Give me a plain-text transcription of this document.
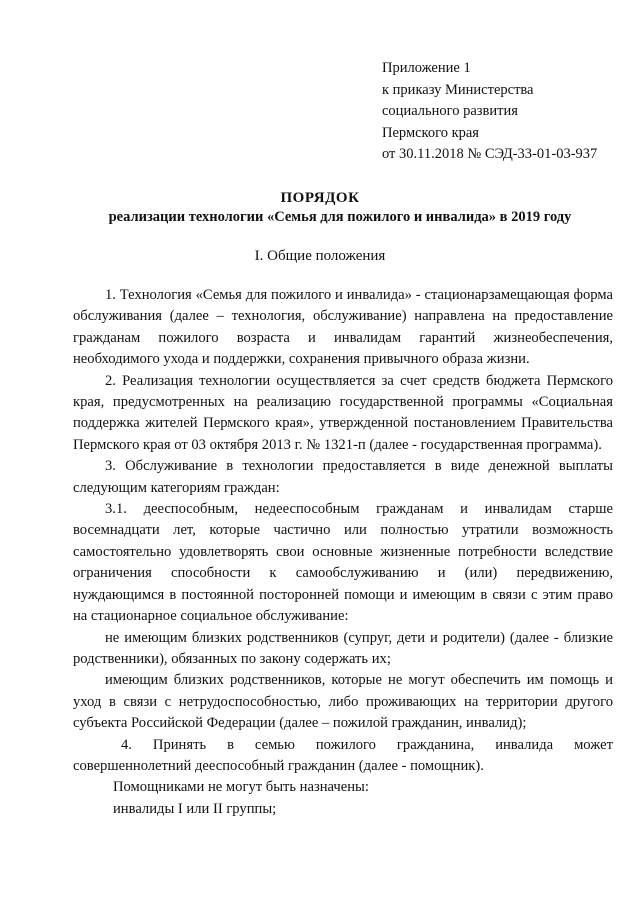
Приложение 1
к приказу Министерства
социального развития
Пермского края
от 30.11.2018 № СЭД-33-01-03-937
ПОРЯДОК
реализации технологии «Семья для пожилого и инвалида» в 2019 году
I. Общие положения

1. Технология «Семья для пожилого и инвалида» - стационарзамещающая форма обслуживания (далее – технология, обслуживание) направлена на предоставление гражданам пожилого возраста и инвалидам гарантий жизнеобеспечения, необходимого ухода и поддержки, сохранения привычного образа жизни.

2. Реализация технологии осуществляется за счет средств бюджета Пермского края, предусмотренных на реализацию государственной программы «Социальная поддержка жителей Пермского края», утвержденной постановлением Правительства Пермского края от 03 октября 2013 г. № 1321-п (далее - государственная программа).

3. Обслуживание в технологии предоставляется в виде денежной выплаты следующим категориям граждан:

3.1. дееспособным, недееспособным гражданам и инвалидам старше восемнадцати лет, которые частично или полностью утратили возможность самостоятельно удовлетворять свои основные жизненные потребности вследствие ограничения способности к самообслуживанию и (или) передвижению, нуждающимся в постоянной посторонней помощи и имеющим в связи с этим право на стационарное социальное обслуживание:

не имеющим близких родственников (супруг, дети и родители) (далее - близкие родственники), обязанных по закону содержать их;

имеющим близких родственников, которые не могут обеспечить им помощь и уход в связи с нетрудоспособностью, либо проживающих на территории другого субъекта Российской Федерации (далее – пожилой гражданин, инвалид);

4. Принять в семью пожилого гражданина, инвалида может совершеннолетний дееспособный гражданин (далее - помощник).

Помощниками не могут быть назначены:

инвалиды I или II группы;
